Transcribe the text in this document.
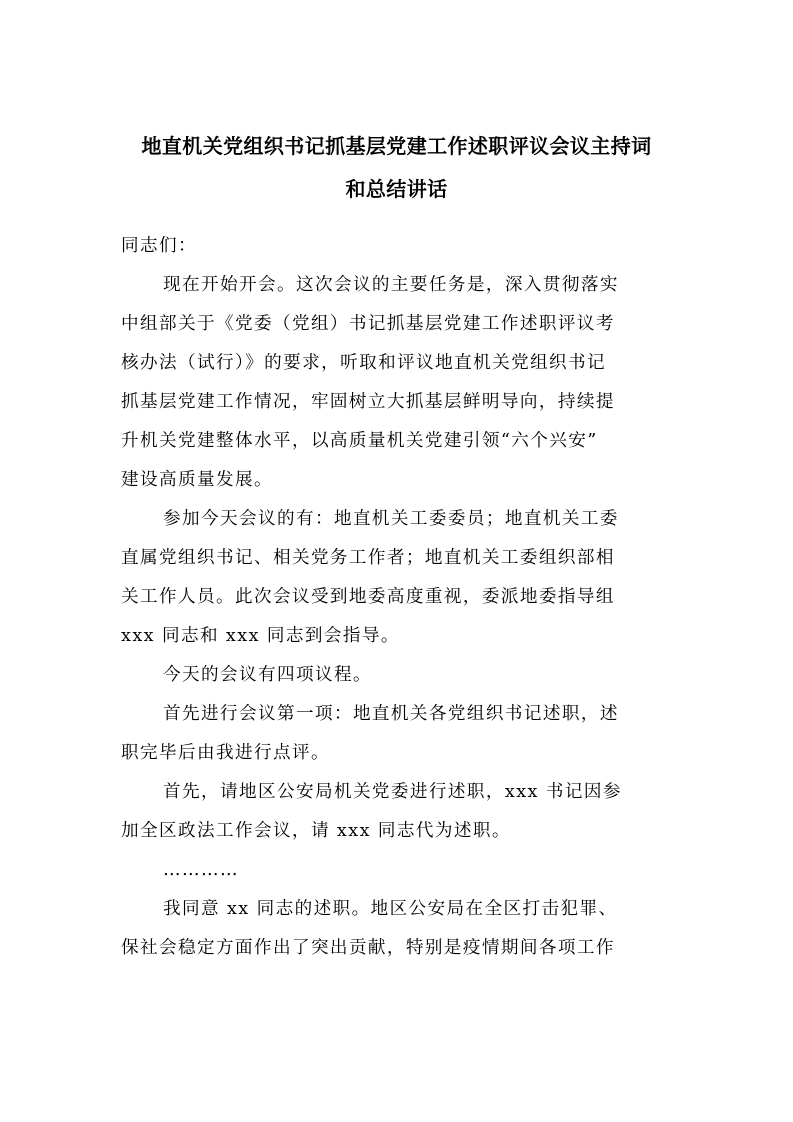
地直机关党组织书记抓基层党建工作述职评议会议主持词
和总结讲话
同志们：
现在开始开会。这次会议的主要任务是，深入贯彻落实
中组部关于《党委（党组）书记抓基层党建工作述职评议考
核办法（试行）》的要求，听取和评议地直机关党组织书记
抓基层党建工作情况，牢固树立大抓基层鲜明导向，持续提
升机关党建整体水平，以高质量机关党建引领“六个兴安”
建设高质量发展。
参加今天会议的有：地直机关工委委员；地直机关工委
直属党组织书记、相关党务工作者；地直机关工委组织部相
关工作人员。此次会议受到地委高度重视，委派地委指导组
xxx 同志和 xxx 同志到会指导。
今天的会议有四项议程。
首先进行会议第一项：地直机关各党组织书记述职，述
职完毕后由我进行点评。
首先，请地区公安局机关党委进行述职，xxx 书记因参
加全区政法工作会议，请 xxx 同志代为述职。
…………
我同意 xx 同志的述职。地区公安局在全区打击犯罪、
保社会稳定方面作出了突出贡献，特别是疫情期间各项工作
